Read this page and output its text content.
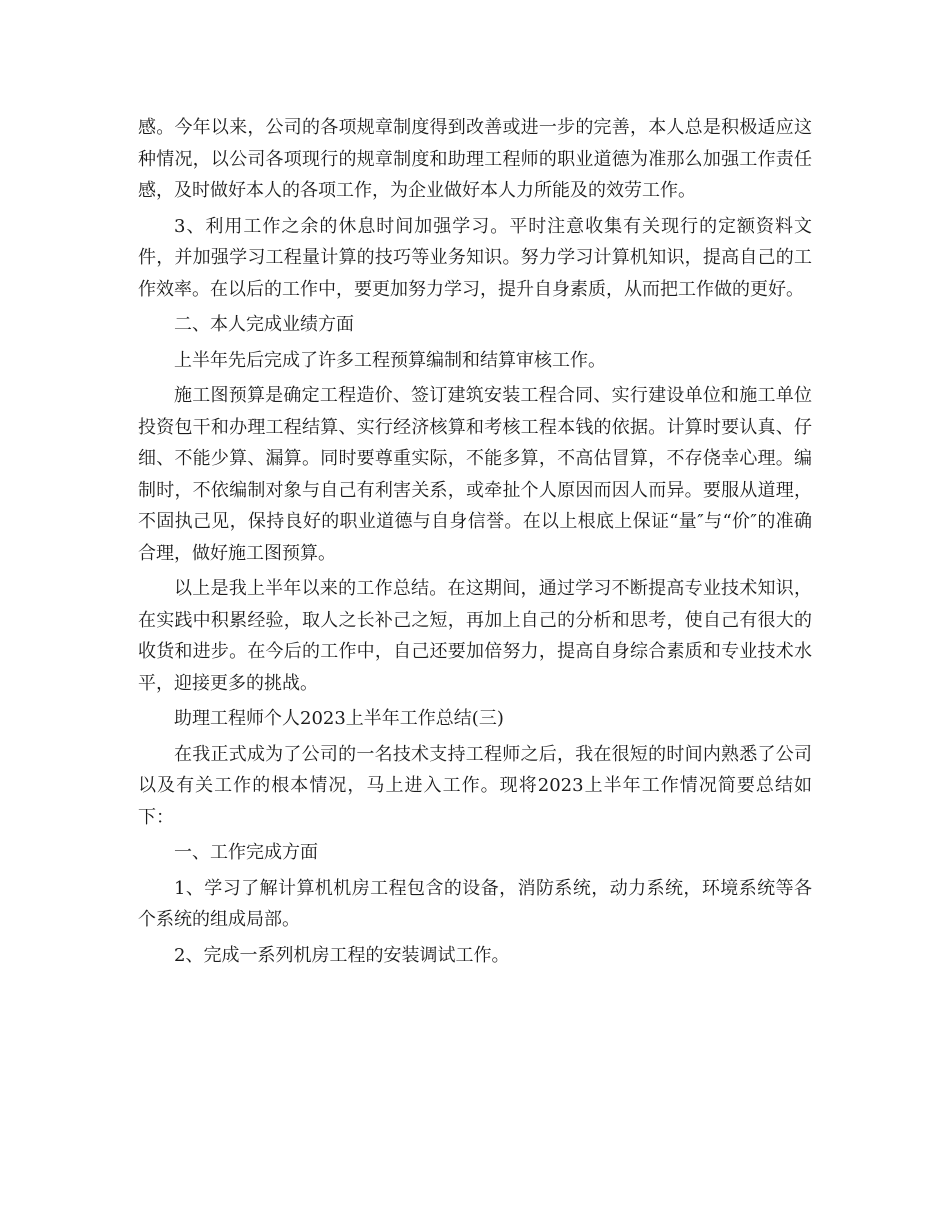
感。今年以来，公司的各项规章制度得到改善或进一步的完善，本人总是积极适应这种情况，以公司各项现行的规章制度和助理工程师的职业道德为准那么加强工作责任感，及时做好本人的各项工作，为企业做好本人力所能及的效劳工作。

3、利用工作之余的休息时间加强学习。平时注意收集有关现行的定额资料文件，并加强学习工程量计算的技巧等业务知识。努力学习计算机知识，提高自己的工作效率。在以后的工作中，要更加努力学习，提升自身素质，从而把工作做的更好。

二、本人完成业绩方面

上半年先后完成了许多工程预算编制和结算审核工作。

施工图预算是确定工程造价、签订建筑安装工程合同、实行建设单位和施工单位投资包干和办理工程结算、实行经济核算和考核工程本钱的依据。计算时要认真、仔细、不能少算、漏算。同时要尊重实际，不能多算，不高估冒算，不存侥幸心理。编制时，不依编制对象与自己有利害关系，或牵扯个人原因而因人而异。要服从道理，不固执己见，保持良好的职业道德与自身信誉。在以上根底上保证“量″与“价″的准确合理，做好施工图预算。

以上是我上半年以来的工作总结。在这期间，通过学习不断提高专业技术知识，在实践中积累经验，取人之长补己之短，再加上自己的分析和思考，使自己有很大的收货和进步。在今后的工作中，自己还要加倍努力，提高自身综合素质和专业技术水平，迎接更多的挑战。

助理工程师个人2023上半年工作总结(三)

在我正式成为了公司的一名技术支持工程师之后，我在很短的时间内熟悉了公司以及有关工作的根本情况，马上进入工作。现将2023上半年工作情况简要总结如下：

一、工作完成方面

1、学习了解计算机机房工程包含的设备，消防系统，动力系统，环境系统等各个系统的组成局部。

2、完成一系列机房工程的安装调试工作。
